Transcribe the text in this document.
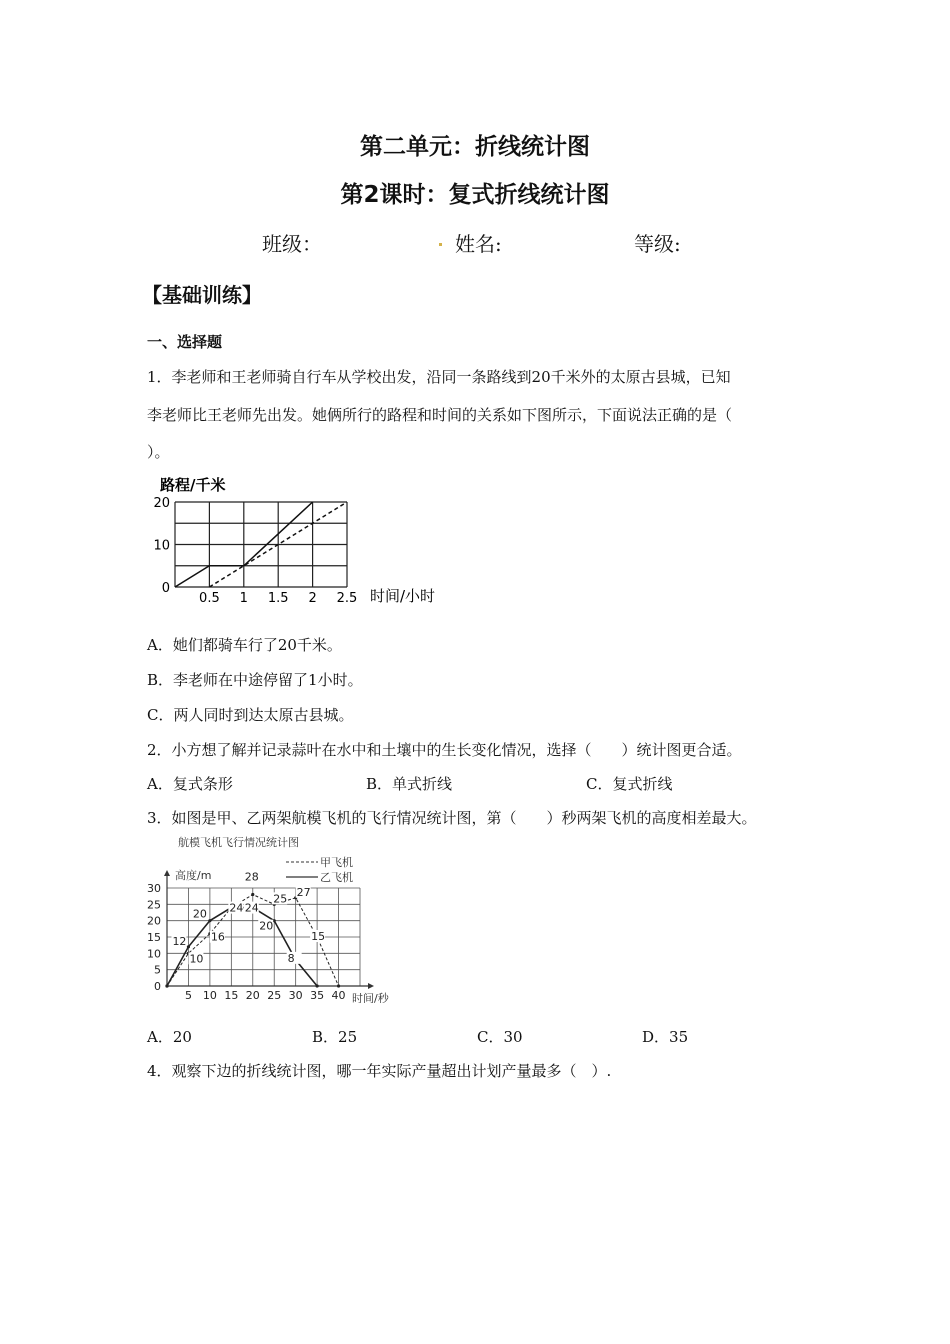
第二单元：折线统计图
第2课时：复式折线统计图
班级：	姓名:	等级:
【基础训练】
一、选择题
1．李老师和王老师骑自行车从学校出发，沿同一条路线到20千米外的太原古县城，已知
李老师比王老师先出发。她俩所行的路程和时间的关系如下图所示，下面说法正确的是（
）。
路程/千米
0.5 1 1.5 2 2.5
0
10
20
时间/小时
A．她们都骑车行了20千米。
B．李老师在中途停留了1小时。
C．两人同时到达太原古县城。
2．小方想了解并记录蒜叶在水中和土壤中的生长变化情况，选择（　　）统计图更合适。
A．复式条形	B．单式折线	C．复式折线
3．如图是甲、乙两架航模飞机的飞行情况统计图，第（　　）秒两架飞机的高度相差最大。
航模飞机飞行情况统计图
高度/m
甲飞机
乙飞机
5 10 15 20 25 30 35 40
0
5
10
15
20
25
30
12
20 24 24
20
8
10
16
28
25
27
15
时间/秒
A．20	B．25	C．30	D．35
4．观察下边的折线统计图，哪一年实际产量超出计划产量最多（　）.
